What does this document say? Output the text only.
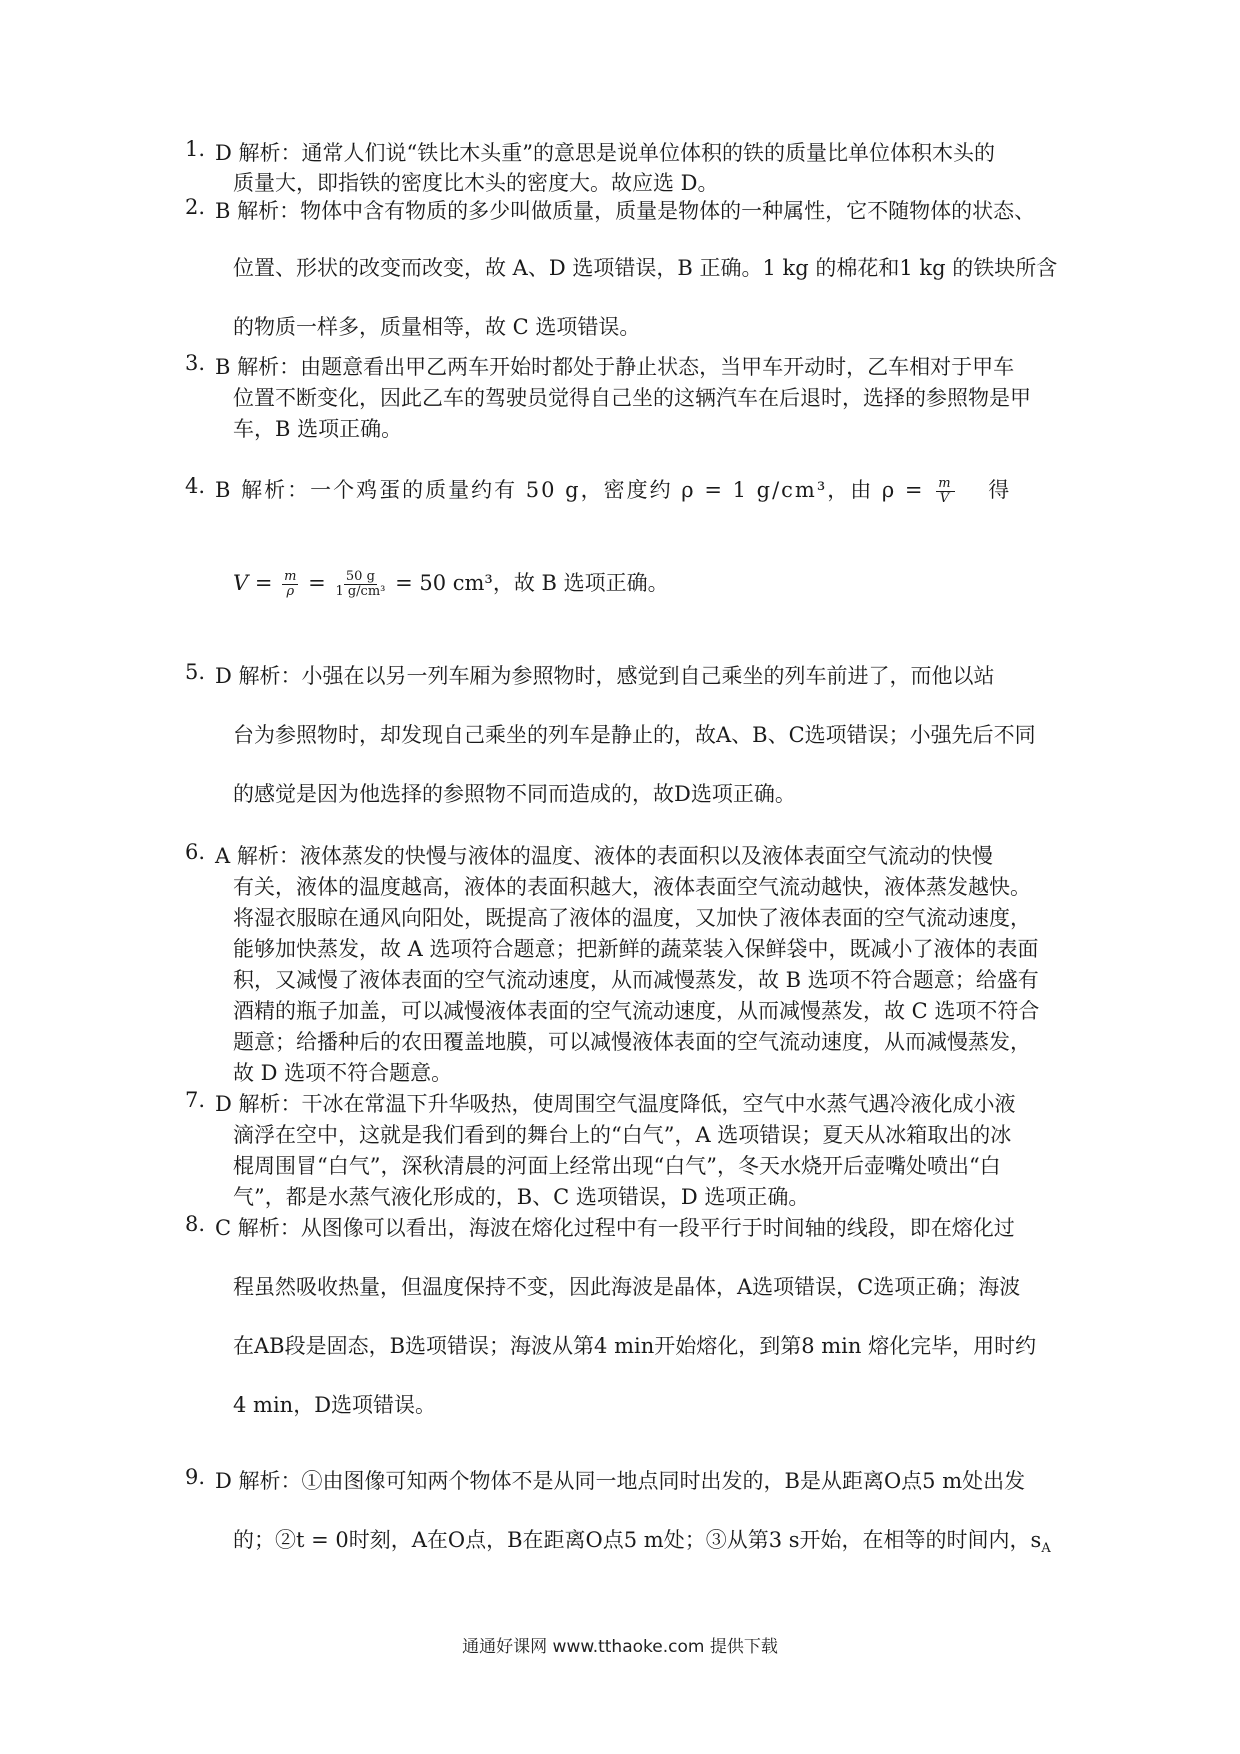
1. D 解析：通常人们说“铁比木头重”的意思是说单位体积的铁的质量比单位体积木头的
质量大，即指铁的密度比木头的密度大。故应选 D。
2. B 解析：物体中含有物质的多少叫做质量，质量是物体的一种属性，它不随物体的状态、
位置、形状的改变而改变，故 A、D 选项错误，B 正确。1 kg 的棉花和1 kg 的铁块所含
的物质一样多，质量相等，故 C 选项错误。
3. B 解析：由题意看出甲乙两车开始时都处于静止状态，当甲车开动时，乙车相对于甲车
位置不断变化，因此乙车的驾驶员觉得自己坐的这辆汽车在后退时，选择的参照物是甲
车，B 选项正确。
4. B 解析：一个鸡蛋的质量约有 50 g，密度约 ρ = 1 g/cm³，由 $\rho = \frac{m}{V}$ 得
$V = \frac{m}{\rho} = \frac{50 g}{\text{1 g/cm³}} = 50$ cm³，故 B 选项正确。
5. D 解析：小强在以另一列车厢为参照物时，感觉到自己乘坐的列车前进了，而他以站
台为参照物时，却发现自己乘坐的列车是静止的，故A、B、C选项错误；小强先后不同
的感觉是因为他选择的参照物不同而造成的，故D选项正确。
6. A 解析：液体蒸发的快慢与液体的温度、液体的表面积以及液体表面空气流动的快慢
有关，液体的温度越高，液体的表面积越大，液体表面空气流动越快，液体蒸发越快。
将湿衣服晾在通风向阳处，既提高了液体的温度，又加快了液体表面的空气流动速度，
能够加快蒸发，故 A 选项符合题意；把新鲜的蔬菜装入保鲜袋中，既减小了液体的表面
积，又减慢了液体表面的空气流动速度，从而减慢蒸发，故 B 选项不符合题意；给盛有
酒精的瓶子加盖，可以减慢液体表面的空气流动速度，从而减慢蒸发，故 C 选项不符合
题意；给播种后的农田覆盖地膜，可以减慢液体表面的空气流动速度，从而减慢蒸发，
故 D 选项不符合题意。
7. D 解析：干冰在常温下升华吸热，使周围空气温度降低，空气中水蒸气遇冷液化成小液
滴浮在空中，这就是我们看到的舞台上的“白气”，A 选项错误；夏天从冰箱取出的冰
棍周围冒“白气”，深秋清晨的河面上经常出现“白气”，冬天水烧开后壶嘴处喷出“白
气”，都是水蒸气液化形成的，B、C 选项错误，D 选项正确。
8. C 解析：从图像可以看出，海波在熔化过程中有一段平行于时间轴的线段，即在熔化过
程虽然吸收热量，但温度保持不变，因此海波是晶体，A选项错误，C选项正确；海波
在AB段是固态，B选项错误；海波从第4 min开始熔化，到第8 min 熔化完毕，用时约
4 min，D选项错误。
9. D 解析：①由图像可知两个物体不是从同一地点同时出发的，B是从距离O点5 m处出发
的；②t = 0时刻，A在O点，B在距离O点5 m处；③从第3 s开始，在相等的时间内，$s_A$
通通好课网 www.tthaoke.com 提供下载
